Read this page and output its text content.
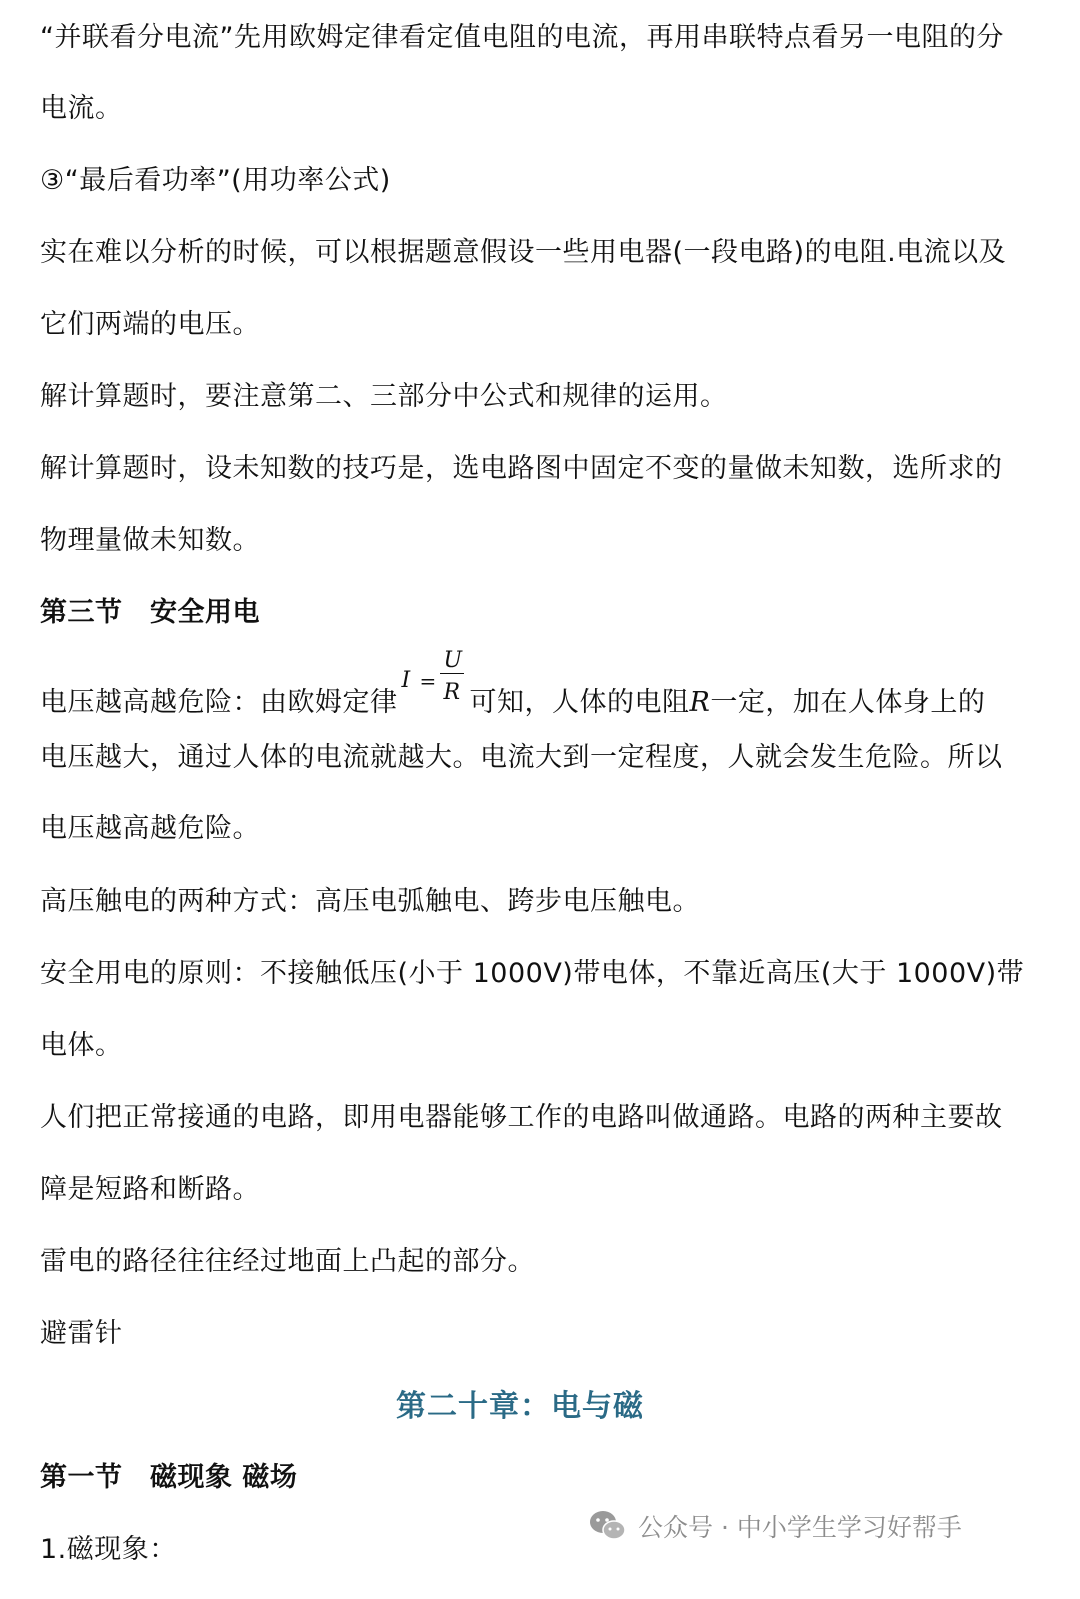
“并联看分电流”先用欧姆定律看定值电阻的电流，再用串联特点看另一电阻的分
电流。
③“最后看功率”(用功率公式)
实在难以分析的时候，可以根据题意假设一些用电器(一段电路)的电阻.电流以及
它们两端的电压。
解计算题时，要注意第二、三部分中公式和规律的运用。
解计算题时，设未知数的技巧是，选电路图中固定不变的量做未知数，选所求的
物理量做未知数。
第三节　安全用电
电压越高越危险：由欧姆定律
I =
U
R 可知，人体的电阻R一定，加在人体身上的
电压越大，通过人体的电流就越大。电流大到一定程度，人就会发生危险。所以
电压越高越危险。
高压触电的两种方式：高压电弧触电、跨步电压触电。
安全用电的原则：不接触低压(小于 1000V)带电体，不靠近高压(大于 1000V)带
电体。
人们把正常接通的电路，即用电器能够工作的电路叫做通路。电路的两种主要故
障是短路和断路。
雷电的路径往往经过地面上凸起的部分。
避雷针
第二十章：电与磁
第一节　磁现象 磁场
1.磁现象：
公众号 · 中小学生学习好帮手
